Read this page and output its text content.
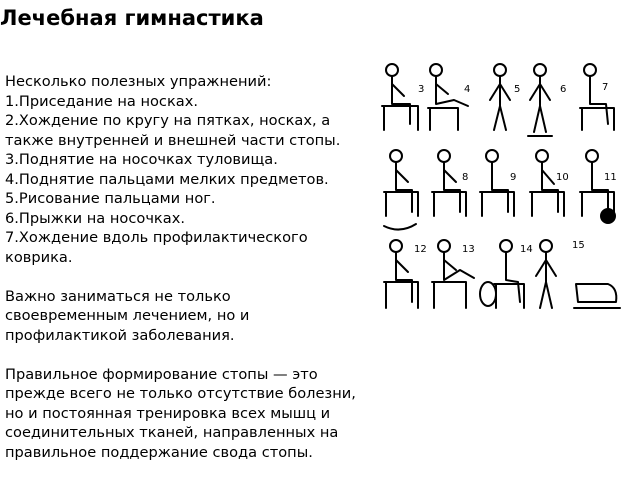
Лечебная гимнастика

Несколько полезных упражнений:

1.Приседание на носках.

2.Хождение по кругу на пятках, носках, а

также внутренней и внешней части стопы.

3.Поднятие на носочках туловища.

4.Поднятие пальцами мелких предметов.

5.Рисование пальцами ног.

6.Прыжки на носочках.

7.Хождение вдоль профилактического

коврика.

Важно заниматься не только

своевременным лечением, но и

профилактикой заболевания.

Правильное формирование стопы — это

прежде всего не только отсутствие болезни,

но и постоянная тренировка всех мышц и

соединительных тканей, направленных на

правильное поддержание свода стопы.

3	4	5	6	7
8	9	10	11
12	13	14	15
